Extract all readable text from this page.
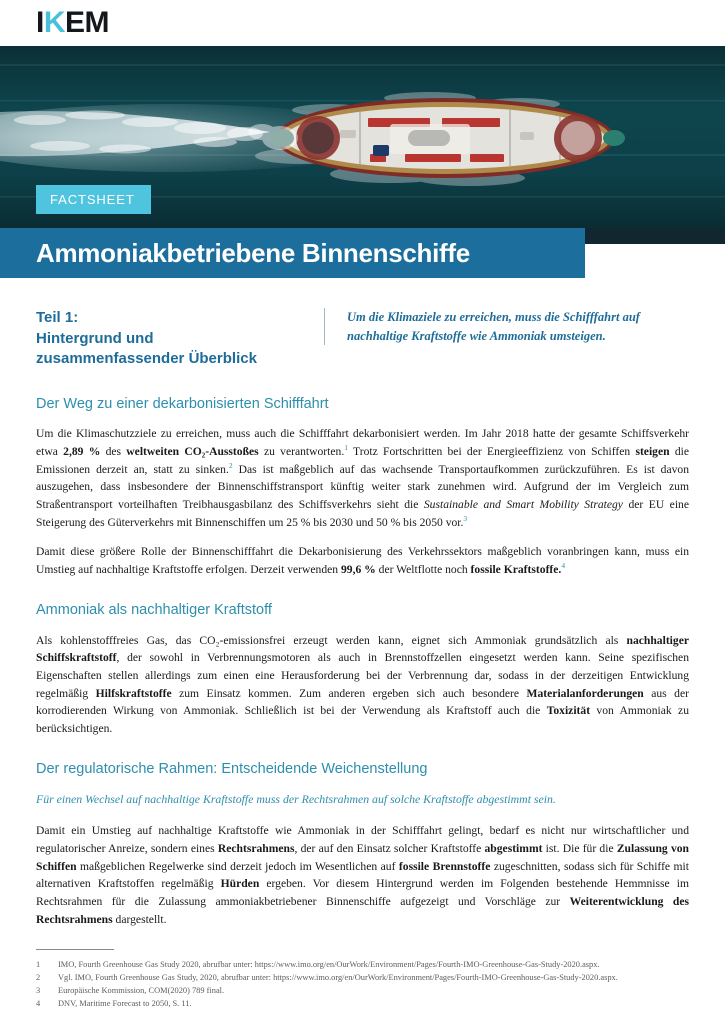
I K EM
FACTSHEET
Ammoniakbetriebene Binnenschiffe
Teil 1:
Hintergrund und
zusammenfassender Überblick
Um die Klimaziele zu erreichen, muss die Schifffahrt auf nachhaltige Kraftstoffe wie Ammoniak umsteigen.
Der Weg zu einer dekarbonisierten Schifffahrt

Um die Klimaschutzziele zu erreichen, muss auch die Schifffahrt dekarbonisiert werden. Im Jahr 2018 hatte der gesamte Schiffsverkehr etwa 2,89 % des weltweiten CO₂-Ausstoßes zu verantworten.$^1$ Trotz Fortschritten bei der Energieeffizienz von Schiffen steigen die Emissionen derzeit an, statt zu sinken.$^2$ Das ist maßgeblich auf das wachsende Transportaufkommen zurückzuführen. Es ist davon auszugehen, dass insbesondere der Binnenschiffstransport künftig weiter stark zunehmen wird. Aufgrund der im Vergleich zum Straßentransport vorteilhaften Treibhausgasbilanz des Schiffsverkehrs sieht die Sustainable and Smart Mobility Strategy der EU eine Steigerung des Güterverkehrs mit Binnenschiffen um 25 % bis 2030 und 50 % bis 2050 vor.$^3$

Damit diese größere Rolle der Binnenschifffahrt die Dekarbonisierung des Verkehrssektors maßgeblich voranbringen kann, muss ein Umstieg auf nachhaltige Kraftstoffe erfolgen. Derzeit verwenden 99,6 % der Weltflotte noch fossile Kraftstoffe.$^4$

Ammoniak als nachhaltiger Kraftstoff

Als kohlenstofffreies Gas, das CO₂-emissionsfrei erzeugt werden kann, eignet sich Ammoniak grundsätzlich als nachhaltiger Schiffskraftstoff, der sowohl in Verbrennungsmotoren als auch in Brennstoffzellen eingesetzt werden kann. Seine spezifischen Eigenschaften stellen allerdings zum einen eine Herausforderung bei der Verbrennung dar, sodass in der derzeitigen Entwicklung regelmäßig Hilfskraftstoffe zum Einsatz kommen. Zum anderen ergeben sich auch besondere Materialanforderungen aus der korrodierenden Wirkung von Ammoniak. Schließlich ist bei der Verwendung als Kraftstoff auch die Toxizität von Ammoniak zu berücksichtigen.

Der regulatorische Rahmen: Entscheidende Weichenstellung

Für einen Wechsel auf nachhaltige Kraftstoffe muss der Rechtsrahmen auf solche Kraftstoffe abgestimmt sein.

Damit ein Umstieg auf nachhaltige Kraftstoffe wie Ammoniak in der Schifffahrt gelingt, bedarf es nicht nur wirtschaftlicher und regulatorischer Anreize, sondern eines Rechtsrahmens, der auf den Einsatz solcher Kraftstoffe abgestimmt ist. Die für die Zulassung von Schiffen maßgeblichen Regelwerke sind derzeit jedoch im Wesentlichen auf fossile Brennstoffe zugeschnitten, sodass sich für Schiffe mit alternativen Kraftstoffen regelmäßig Hürden ergeben. Vor diesem Hintergrund werden im Folgenden bestehende Hemmnisse im Rechtsrahmen für die Zulassung ammoniakbetriebener Binnenschiffe aufgezeigt und Vorschläge zur Weiterentwicklung des Rechtsrahmens dargestellt.

1	IMO, Fourth Greenhouse Gas Study 2020, abrufbar unter: https://www.imo.org/en/OurWork/Environment/Pages/Fourth-IMO-Greenhouse-Gas-Study-2020.aspx.
2	Vgl. IMO, Fourth Greenhouse Gas Study, 2020, abrufbar unter: https://www.imo.org/en/OurWork/Environment/Pages/Fourth-IMO-Greenhouse-Gas-Study-2020.aspx.
3	Europäische Kommission, COM(2020) 789 final.
4	DNV, Maritime Forecast to 2050, S. 11.
